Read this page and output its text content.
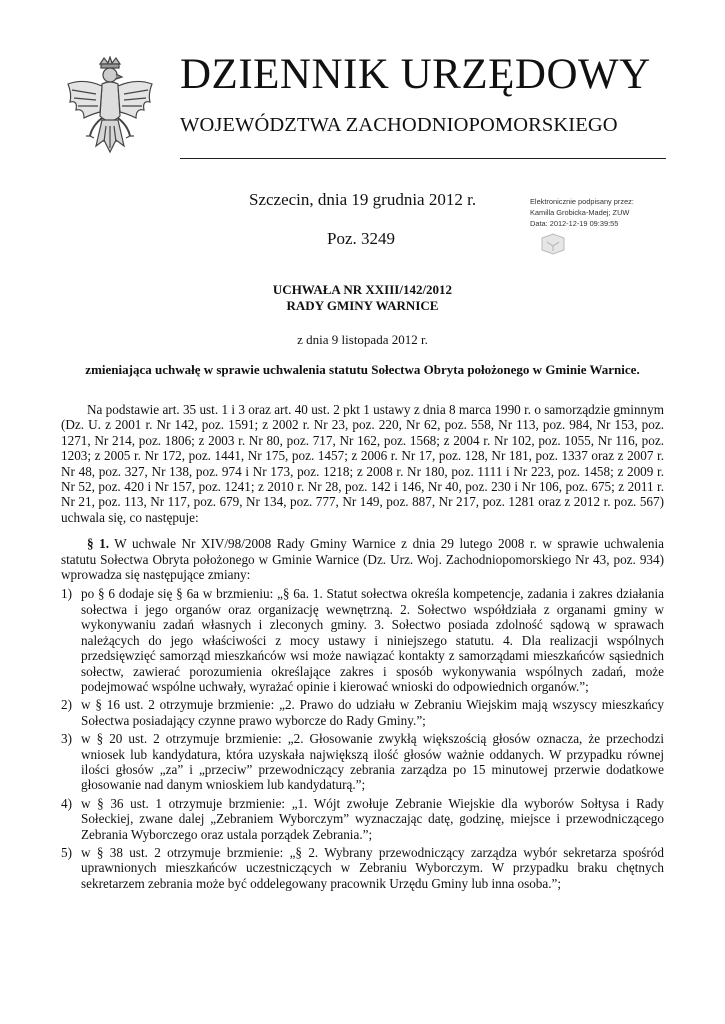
DZIENNIK URZĘDOWY
WOJEWÓDZTWA ZACHODNIOPOMORSKIEGO
Szczecin, dnia 19 grudnia 2012 r.
Poz. 3249
Elektronicznie podpisany przez:
Kamilla Grobicka-Madej; ZUW
Data: 2012-12-19 09:39:55
UCHWAŁA NR XXIII/142/2012
RADY GMINY WARNICE
z dnia 9 listopada 2012 r.
zmieniająca uchwałę w sprawie uchwalenia statutu Sołectwa Obryta położonego w Gminie Warnice.

Na podstawie art. 35 ust. 1 i 3 oraz art. 40 ust. 2 pkt 1 ustawy z dnia 8 marca 1990 r. o samorządzie gminnym (Dz. U. z 2001 r. Nr 142, poz. 1591; z 2002 r. Nr 23, poz. 220, Nr 62, poz. 558, Nr 113, poz. 984, Nr 153, poz. 1271, Nr 214, poz. 1806; z 2003 r. Nr 80, poz. 717, Nr 162, poz. 1568; z 2004 r. Nr 102, poz. 1055, Nr 116, poz. 1203; z 2005 r. Nr 172, poz. 1441, Nr 175, poz. 1457; z 2006 r. Nr 17, poz. 128, Nr 181, poz. 1337 oraz z 2007 r. Nr 48, poz. 327, Nr 138, poz. 974 i Nr 173, poz. 1218; z 2008 r. Nr 180, poz. 1111 i Nr 223, poz. 1458; z 2009 r. Nr 52, poz. 420 i Nr 157, poz. 1241; z 2010 r. Nr 28, poz. 142 i 146, Nr 40, poz. 230 i Nr 106, poz. 675; z 2011 r. Nr 21, poz. 113, Nr 117, poz. 679, Nr 134, poz. 777, Nr 149, poz. 887, Nr 217, poz. 1281 oraz z 2012 r. poz. 567) uchwala się, co następuje:

§ 1. W uchwale Nr XIV/98/2008 Rady Gminy Warnice z dnia 29 lutego 2008 r. w sprawie uchwalenia statutu Sołectwa Obryta położonego w Gminie Warnice (Dz. Urz. Woj. Zachodniopomorskiego Nr 43, poz. 934) wprowadza się następujące zmiany:

1) po § 6 dodaje się § 6a w brzmieniu: „§ 6a. 1. Statut sołectwa określa kompetencje, zadania i zakres działania sołectwa i jego organów oraz organizację wewnętrzną. 2. Sołectwo współdziała z organami gminy w wykonywaniu zadań własnych i zleconych gminy. 3. Sołectwo posiada zdolność sądową w sprawach należących do jego właściwości z mocy ustawy i niniejszego statutu. 4. Dla realizacji wspólnych przedsięwzięć samorząd mieszkańców wsi może nawiązać kontakty z samorządami mieszkańców sąsiednich sołectw, zawierać porozumienia określające zakres i sposób wykonywania wspólnych zadań, może podejmować wspólne uchwały, wyrażać opinie i kierować wnioski do odpowiednich organów.”;
2) w § 16 ust. 2 otrzymuje brzmienie: „2. Prawo do udziału w Zebraniu Wiejskim mają wszyscy mieszkańcy Sołectwa posiadający czynne prawo wyborcze do Rady Gminy.”;
3) w § 20 ust. 2 otrzymuje brzmienie: „2. Głosowanie zwykłą większością głosów oznacza, że przechodzi wniosek lub kandydatura, która uzyskała największą ilość głosów ważnie oddanych. W przypadku równej ilości głosów „za” i „przeciw” przewodniczący zebrania zarządza po 15 minutowej przerwie dodatkowe głosowanie nad danym wnioskiem lub kandydaturą.”;
4) w § 36 ust. 1 otrzymuje brzmienie: „1. Wójt zwołuje Zebranie Wiejskie dla wyborów Sołtysa i Rady Sołeckiej, zwane dalej „Zebraniem Wyborczym” wyznaczając datę, godzinę, miejsce i przewodniczącego Zebrania Wyborczego oraz ustala porządek Zebrania.”;
5) w § 38 ust. 2 otrzymuje brzmienie: „§ 2. Wybrany przewodniczący zarządza wybór sekretarza spośród uprawnionych mieszkańców uczestniczących w Zebraniu Wyborczym. W przypadku braku chętnych sekretarzem zebrania może być oddelegowany pracownik Urzędu Gminy lub inna osoba.”;
